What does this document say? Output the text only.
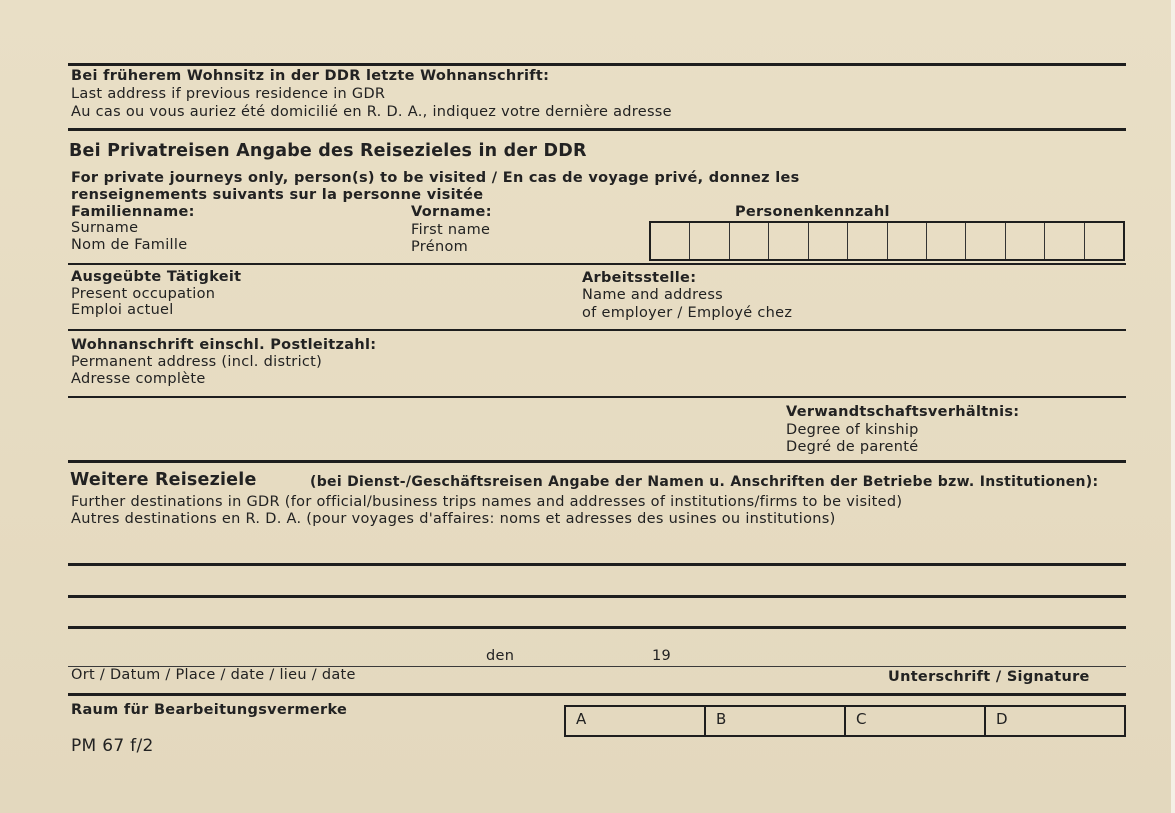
Bei früherem Wohnsitz in der DDR letzte Wohnanschrift:
Last address if previous residence in GDR
Au cas ou vous auriez été domicilié en R. D. A., indiquez votre dernière adresse
Bei Privatreisen Angabe des Reisezieles in der DDR
For private journeys only, person(s) to be visited / En cas de voyage privé, donnez les
renseignements suivants sur la personne visitée
Familienname:
Surname
Nom de Famille
Vorname:
First name
Prénom
Personenkennzahl
Ausgeübte Tätigkeit
Present occupation
Emploi actuel
Arbeitsstelle:
Name and address
of employer / Employé chez
Wohnanschrift einschl. Postleitzahl:
Permanent address (incl. district)
Adresse complète
Verwandtschaftsverhältnis:
Degree of kinship
Degré de parenté
Weitere Reiseziele	(bei Dienst-/Geschäftsreisen Angabe der Namen u. Anschriften der Betriebe bzw. Institutionen):
Further destinations in GDR (for official/business trips names and addresses of institutions/firms to be visited)
Autres destinations en R. D. A. (pour voyages d'affaires: noms et adresses des usines ou institutions)
den	19
Ort / Datum / Place / date / lieu / date	Unterschrift / Signature
Raum für Bearbeitungsvermerke	A	B	C	D
PM 67 f/2
